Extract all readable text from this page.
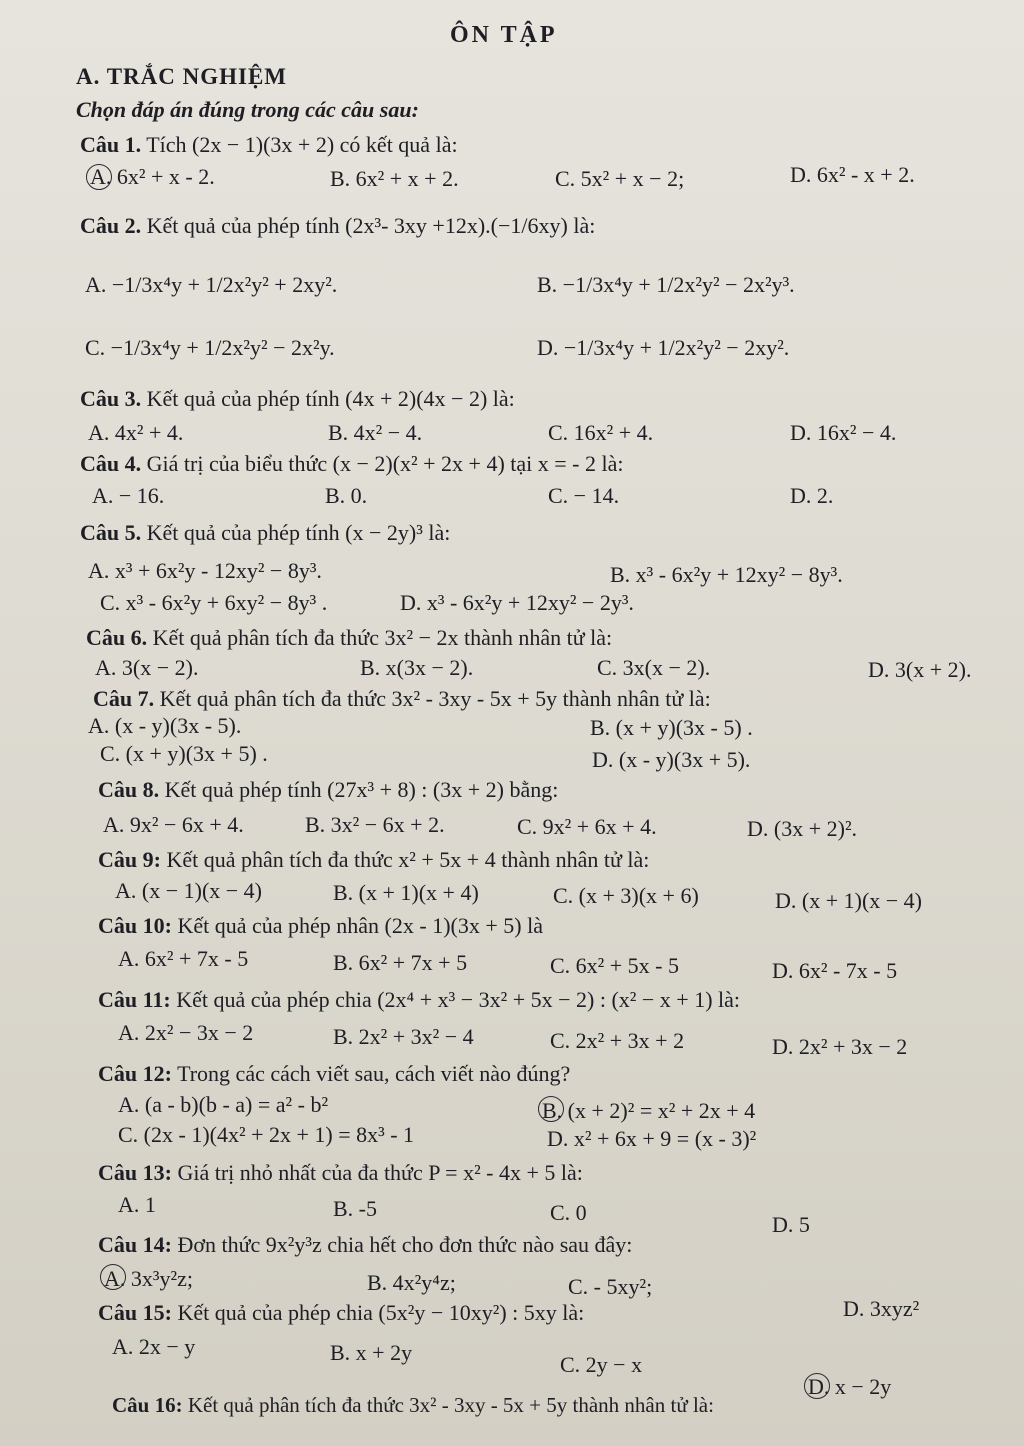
ÔN TẬP
A. TRẮC NGHIỆM
Chọn đáp án đúng trong các câu sau:
Câu 1. Tích (2x − 1)(3x + 2) có kết quả là:
A. 6x² + x - 2.	B. 6x² + x + 2.	C. 5x² + x − 2;	D. 6x² - x + 2.
Câu 2. Kết quả của phép tính (2x³- 3xy +12x).(−1/6xy) là:
A. −1/3x⁴y + 1/2x²y² + 2xy².	B. −1/3x⁴y + 1/2x²y² − 2x²y³.
C. −1/3x⁴y + 1/2x²y² − 2x²y.	D. −1/3x⁴y + 1/2x²y² − 2xy².
Câu 3. Kết quả của phép tính (4x + 2)(4x − 2) là:
A. 4x² + 4.	B. 4x² − 4.	C. 16x² + 4.	D. 16x² − 4.
Câu 4. Giá trị của biểu thức (x − 2)(x² + 2x + 4) tại x = - 2 là:
A. − 16.	B. 0.	C. − 14.	D. 2.
Câu 5. Kết quả của phép tính (x − 2y)³ là:
A. x³ + 6x²y - 12xy² − 8y³.	B. x³ - 6x²y + 12xy² − 8y³.
C. x³ - 6x²y + 6xy² − 8y³ .	D. x³ - 6x²y + 12xy² − 2y³.
Câu 6. Kết quả phân tích đa thức 3x² − 2x thành nhân tử là:
A. 3(x − 2).	B. x(3x − 2).	C. 3x(x − 2).	D. 3(x + 2).
Câu 7. Kết quả phân tích đa thức 3x² - 3xy - 5x + 5y thành nhân tử là:
A. (x - y)(3x - 5).	B. (x + y)(3x - 5) .
C. (x + y)(3x + 5) .	D. (x - y)(3x + 5).
Câu 8. Kết quả phép tính (27x³ + 8) : (3x + 2) bằng:
A. 9x² − 6x + 4.	B. 3x² − 6x + 2.	C. 9x² + 6x + 4.	D. (3x + 2)².
Câu 9: Kết quả phân tích đa thức x² + 5x + 4 thành nhân tử là:
A. (x − 1)(x − 4)	B. (x + 1)(x + 4)	C. (x + 3)(x + 6)	D. (x + 1)(x − 4)
Câu 10: Kết quả của phép nhân (2x - 1)(3x + 5) là
A. 6x² + 7x - 5	B. 6x² + 7x + 5	C. 6x² + 5x - 5	D. 6x² - 7x - 5
Câu 11: Kết quả của phép chia (2x⁴ + x³ − 3x² + 5x − 2) : (x² − x + 1) là:
A. 2x² − 3x − 2	B. 2x² + 3x² − 4	C. 2x² + 3x + 2	D. 2x² + 3x − 2
Câu 12: Trong các cách viết sau, cách viết nào đúng?
A. (a - b)(b - a) = a² - b²	B. (x + 2)² = x² + 2x + 4
C. (2x - 1)(4x² + 2x + 1) = 8x³ - 1	D. x² + 6x + 9 = (x - 3)²
Câu 13: Giá trị nhỏ nhất của đa thức P = x² - 4x + 5 là:
A. 1	B. -5	C. 0	D. 5
Câu 14: Đơn thức 9x²y³z chia hết cho đơn thức nào sau đây:
A. 3x³y²z;	B. 4x²y⁴z;	C. - 5xy²;
D. 3xyz²
Câu 15: Kết quả của phép chia (5x²y − 10xy²) : 5xy là:
A. 2x − y	B. x + 2y	C. 2y − x
D. x − 2y
Câu 16: Kết quả phân tích đa thức 3x² - 3xy - 5x + 5y thành nhân tử là:
